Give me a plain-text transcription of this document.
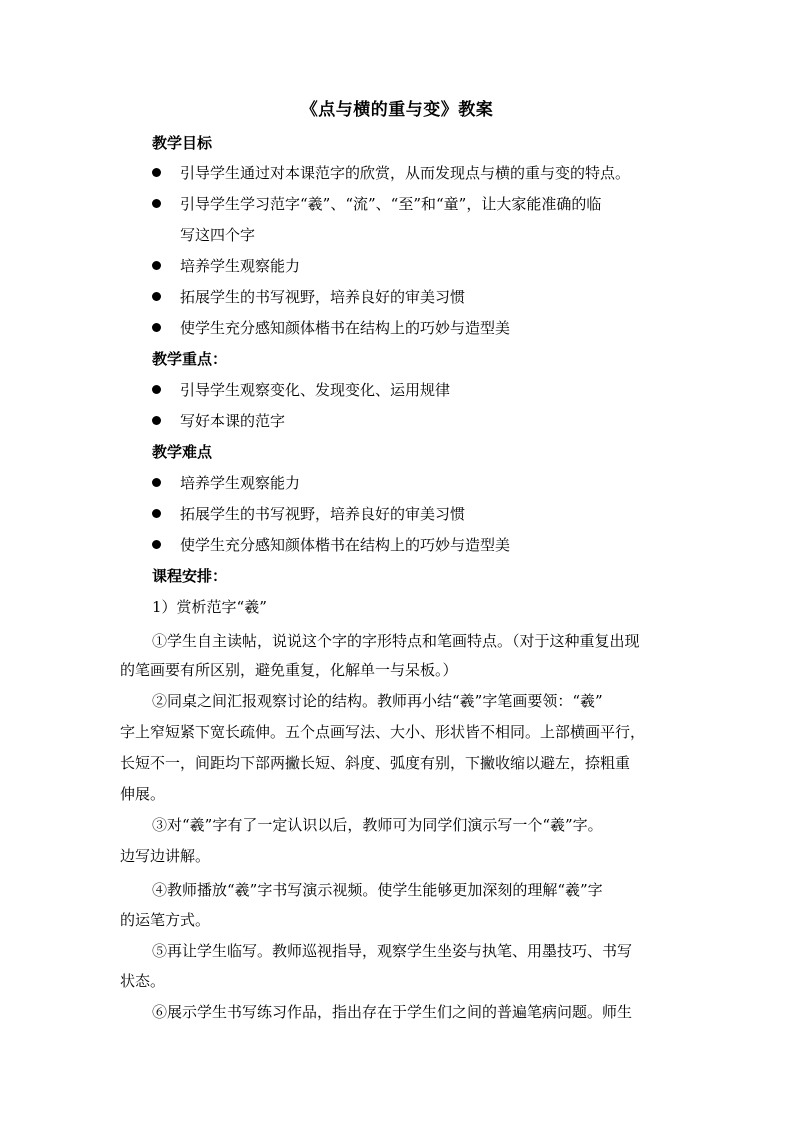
《点与横的重与变》教案
教学目标
引导学生通过对本课范字的欣赏，从而发现点与横的重与变的特点。
引导学生学习范字“羲”、“流”、“至”和“童”，让大家能准确的临
写这四个字
培养学生观察能力
拓展学生的书写视野，培养良好的审美习惯
使学生充分感知颜体楷书在结构上的巧妙与造型美
教学重点：
引导学生观察变化、发现变化、运用规律
写好本课的范字
教学难点
培养学生观察能力
拓展学生的书写视野，培养良好的审美习惯
使学生充分感知颜体楷书在结构上的巧妙与造型美
课程安排：
1）赏析范字“羲”
①学生自主读帖，说说这个字的字形特点和笔画特点。（对于这种重复出现
的笔画要有所区别，避免重复，化解单一与呆板。）
②同桌之间汇报观察讨论的结构。教师再小结“羲”字笔画要领：“羲”
字上窄短紧下宽长疏伸。五个点画写法、大小、形状皆不相同。上部横画平行，
长短不一，间距均下部两撇长短、斜度、弧度有别，下撇收缩以避左，捺粗重
伸展。
③对“羲”字有了一定认识以后，教师可为同学们演示写一个“羲”字。
边写边讲解。
④教师播放“羲”字书写演示视频。使学生能够更加深刻的理解“羲”字
的运笔方式。
⑤再让学生临写。教师巡视指导，观察学生坐姿与执笔、用墨技巧、书写
状态。
⑥展示学生书写练习作品，指出存在于学生们之间的普遍笔病问题。师生
